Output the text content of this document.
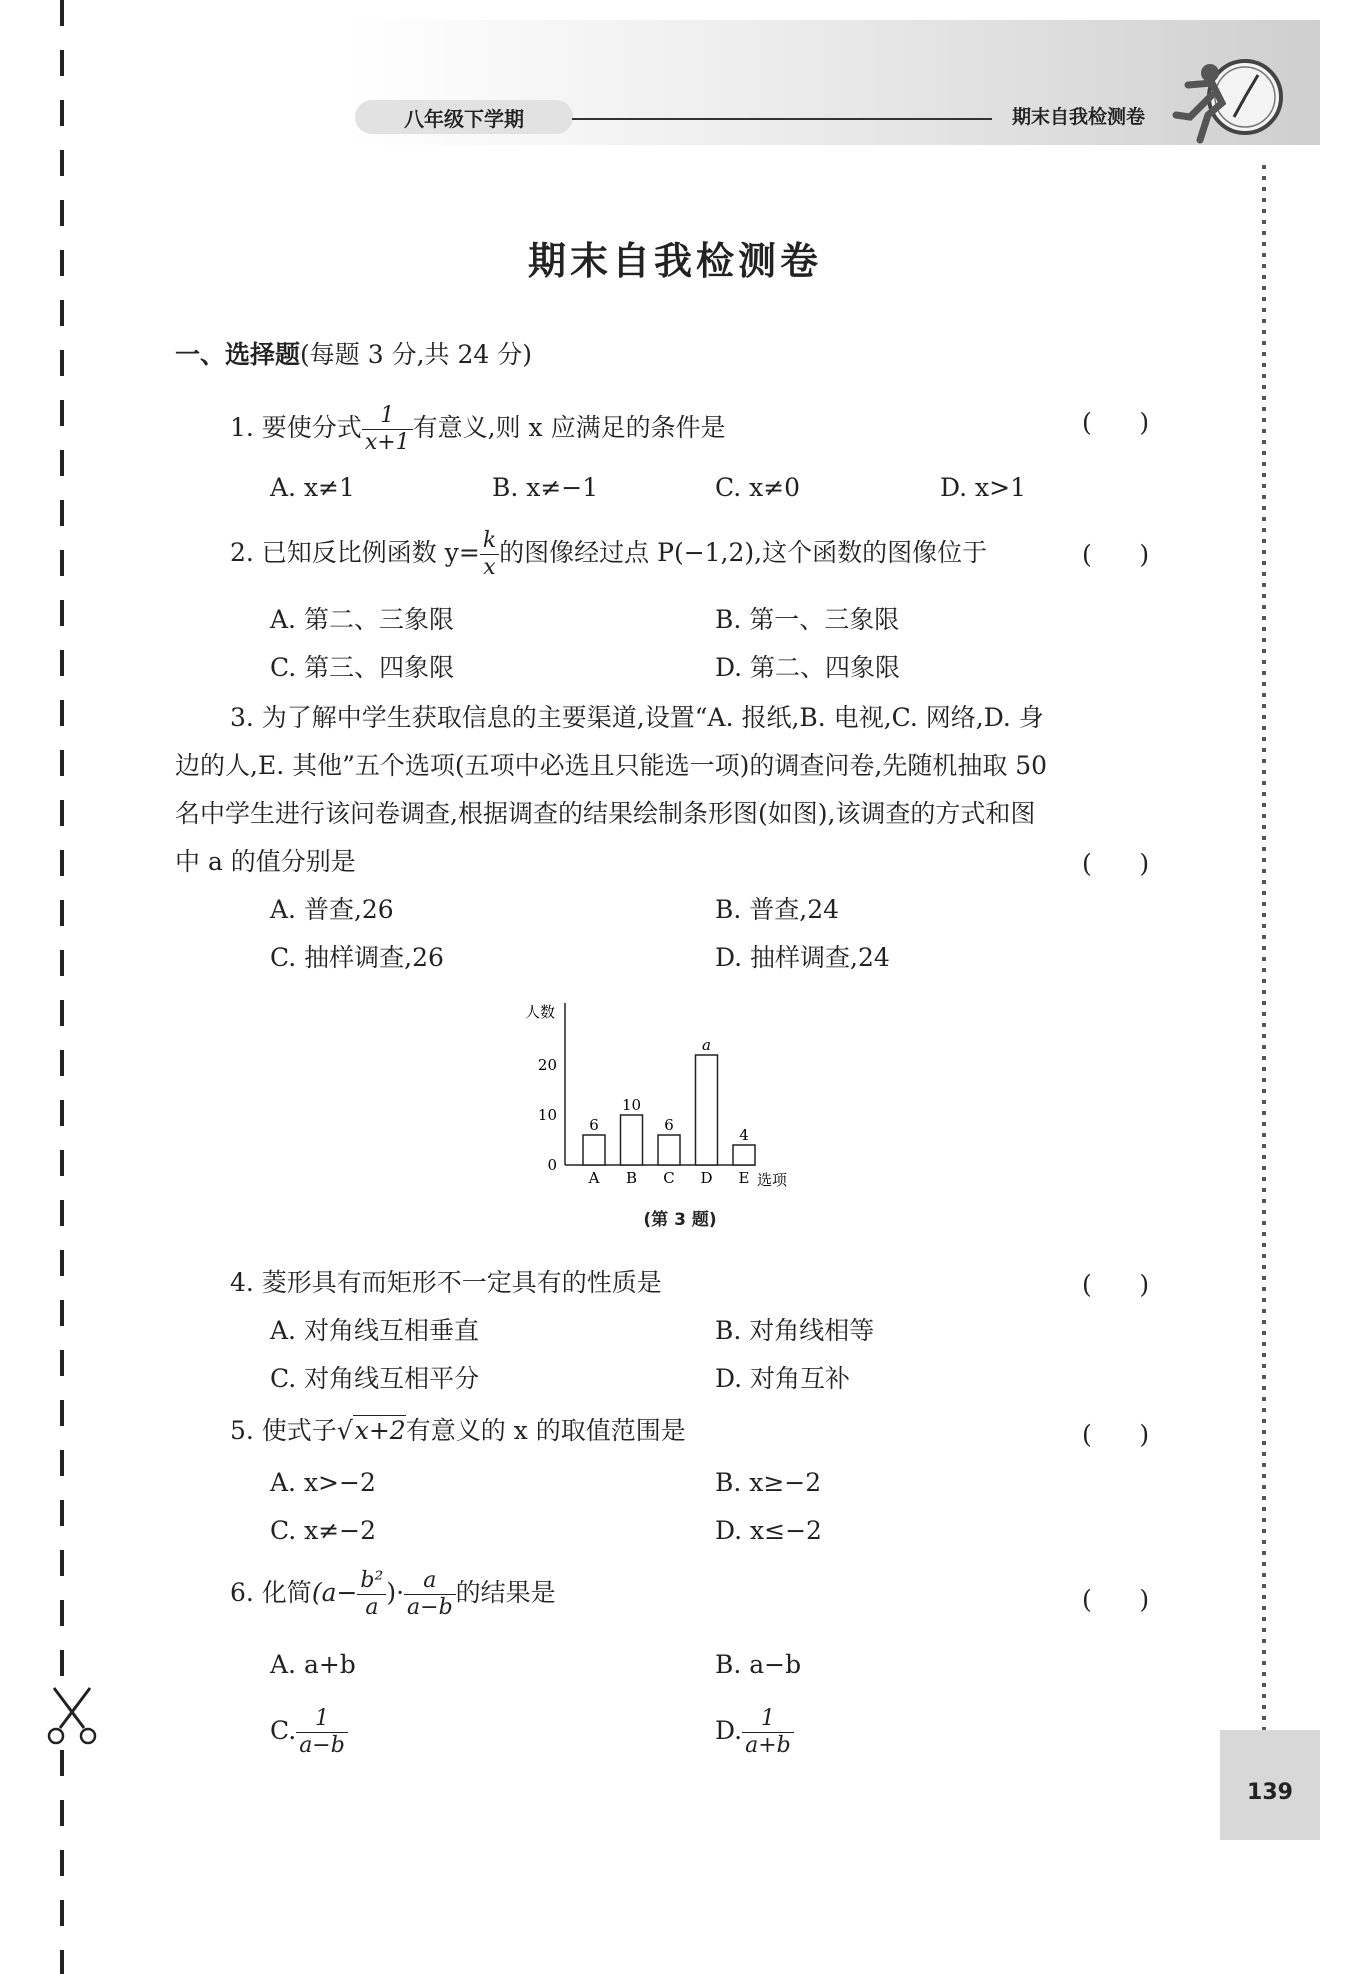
八年级下学期	期末自我检测卷
139
期末自我检测卷
一、选择题(每题 3 分,共 24 分)
1. 要使分式 $\frac{1}{x+1}$ 有意义,则 x 应满足的条件是	(      )
A. x≠1	B. x≠−1	C. x≠0	D. x>1
2. 已知反比例函数 $y= \frac{k}{x}$ 的图像经过点 P(−1,2),这个函数的图像位于	(      )
A. 第二、三象限	B. 第一、三象限
C. 第三、四象限	D. 第二、四象限
3. 为了解中学生获取信息的主要渠道,设置“A. 报纸,B. 电视,C. 网络,D. 身
边的人,E. 其他”五个选项(五项中必选且只能选一项)的调查问卷,先随机抽取 50
名中学生进行该问卷调查,根据调查的结果绘制条形图(如图),该调查的方式和图
中 a 的值分别是	(      )
A. 普查,26	B. 普查,24
C. 抽样调查,26	D. 抽样调查,24
人数
选项
0
10
20
6
A
10
B
6
C
a
D
4
E
(第 3 题)
4. 菱形具有而矩形不一定具有的性质是	(      )
A. 对角线互相垂直	B. 对角线相等
C. 对角线互相平分	D. 对角互补
5. 使式子√x+2有意义的 x 的取值范围是	(      )
A. x>−2	B. x≥−2
C. x≠−2	D. x≤−2
6. 化简($a- \frac{\text{b²}}{a}$ )· $\frac{a}{a-b}$ 的结果是	(      )
A. a+b	B. a−b
C. $\frac{1}{a-b}$	D. $\frac{1}{a+b}$
